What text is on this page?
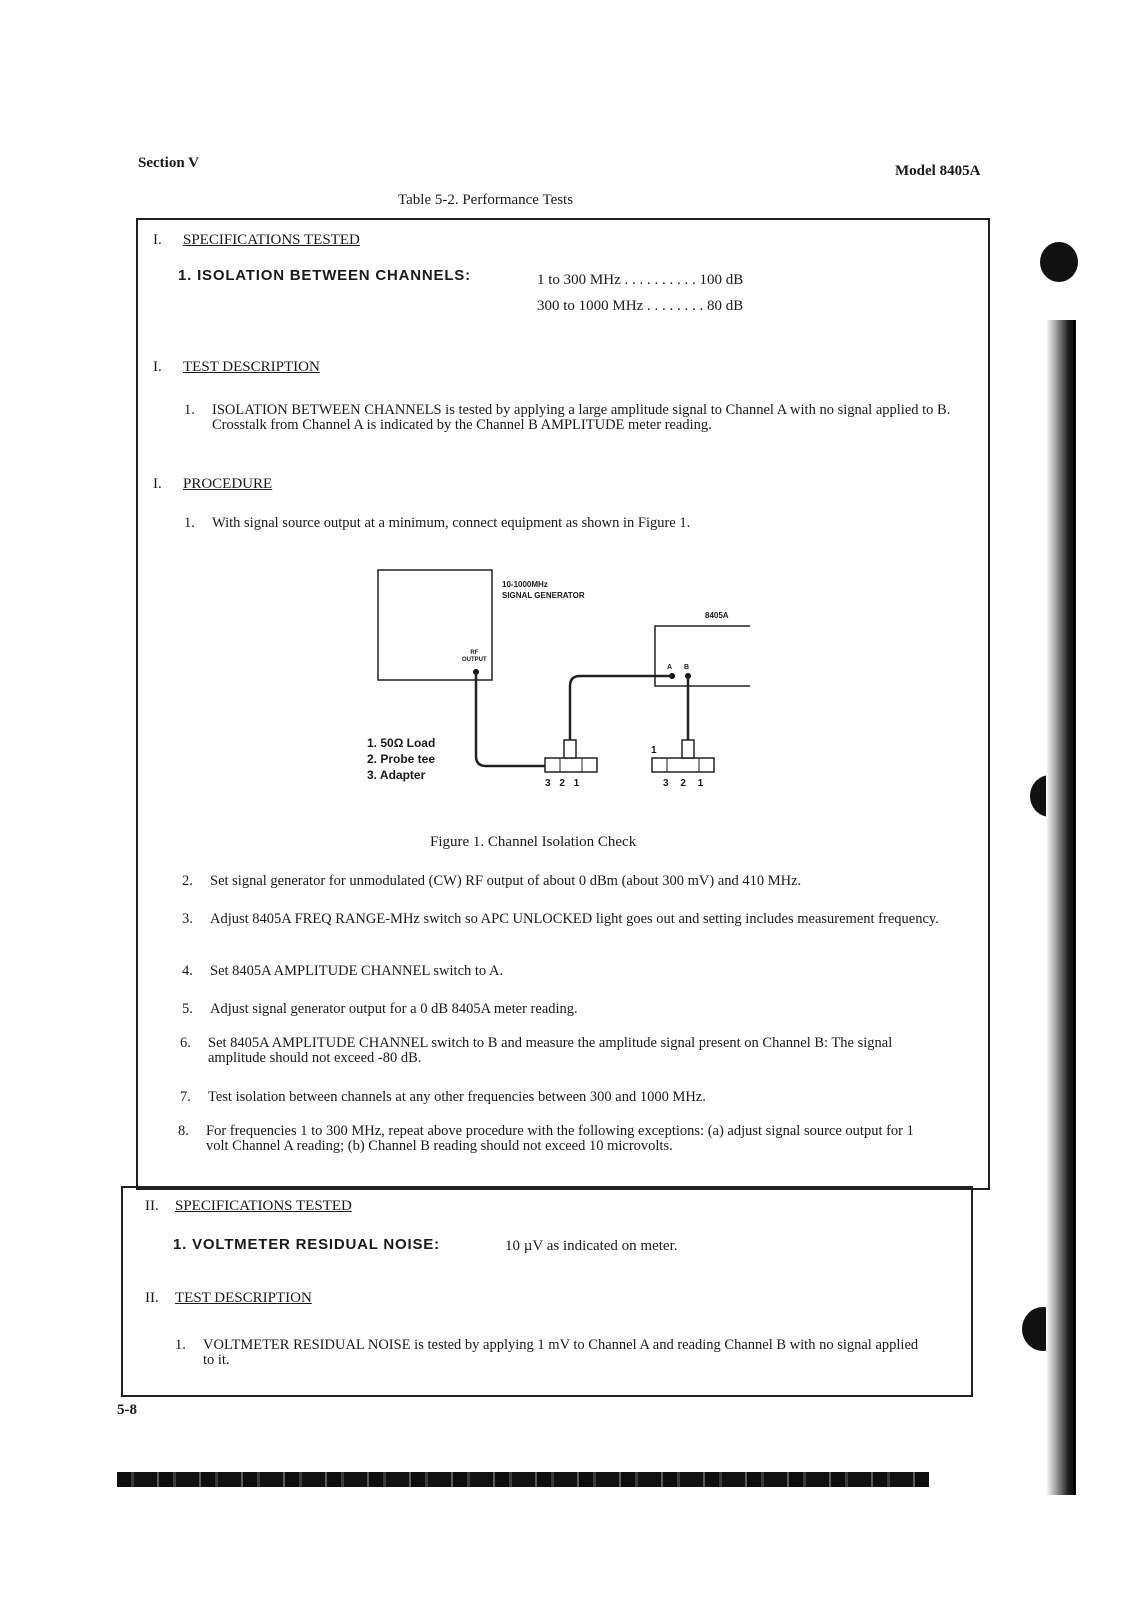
Section V	Model 8405A
Table 5-2. Performance Tests
I. SPECIFICATIONS TESTED
1. ISOLATION BETWEEN CHANNELS:	1 to 300 MHz . . . . . . . . . . 100 dB
300 to 1000 MHz . . . . . . . . 80 dB
I. TEST DESCRIPTION
1. ISOLATION BETWEEN CHANNELS is tested by applying a large amplitude signal to Channel A with no signal applied to B. Crosstalk from Channel A is indicated by the Channel B AMPLITUDE meter reading.
I. PROCEDURE
1. With signal source output at a minimum, connect equipment as shown in Figure 1.
10-1000MHz
SIGNAL GENERATOR
RF
OUTPUT
8405A
A B
1. 50Ω Load
2. Probe tee
3. Adapter
3 2 1	3 2 1
1
Figure 1. Channel Isolation Check
2. Set signal generator for unmodulated (CW) RF output of about 0 dBm (about 300 mV) and 410 MHz.
3. Adjust 8405A FREQ RANGE-MHz switch so APC UNLOCKED light goes out and setting includes measurement frequency.
4. Set 8405A AMPLITUDE CHANNEL switch to A.
5. Adjust signal generator output for a 0 dB 8405A meter reading.
6. Set 8405A AMPLITUDE CHANNEL switch to B and measure the amplitude signal present on Channel B: The signal amplitude should not exceed -80 dB.
7. Test isolation between channels at any other frequencies between 300 and 1000 MHz.
8. For frequencies 1 to 300 MHz, repeat above procedure with the following exceptions: (a) adjust signal source output for 1 volt Channel A reading; (b) Channel B reading should not exceed 10 microvolts.
II. SPECIFICATIONS TESTED
1. VOLTMETER RESIDUAL NOISE:	10 µV as indicated on meter.
II. TEST DESCRIPTION
1. VOLTMETER RESIDUAL NOISE is tested by applying 1 mV to Channel A and reading Channel B with no signal applied to it.
5-8
